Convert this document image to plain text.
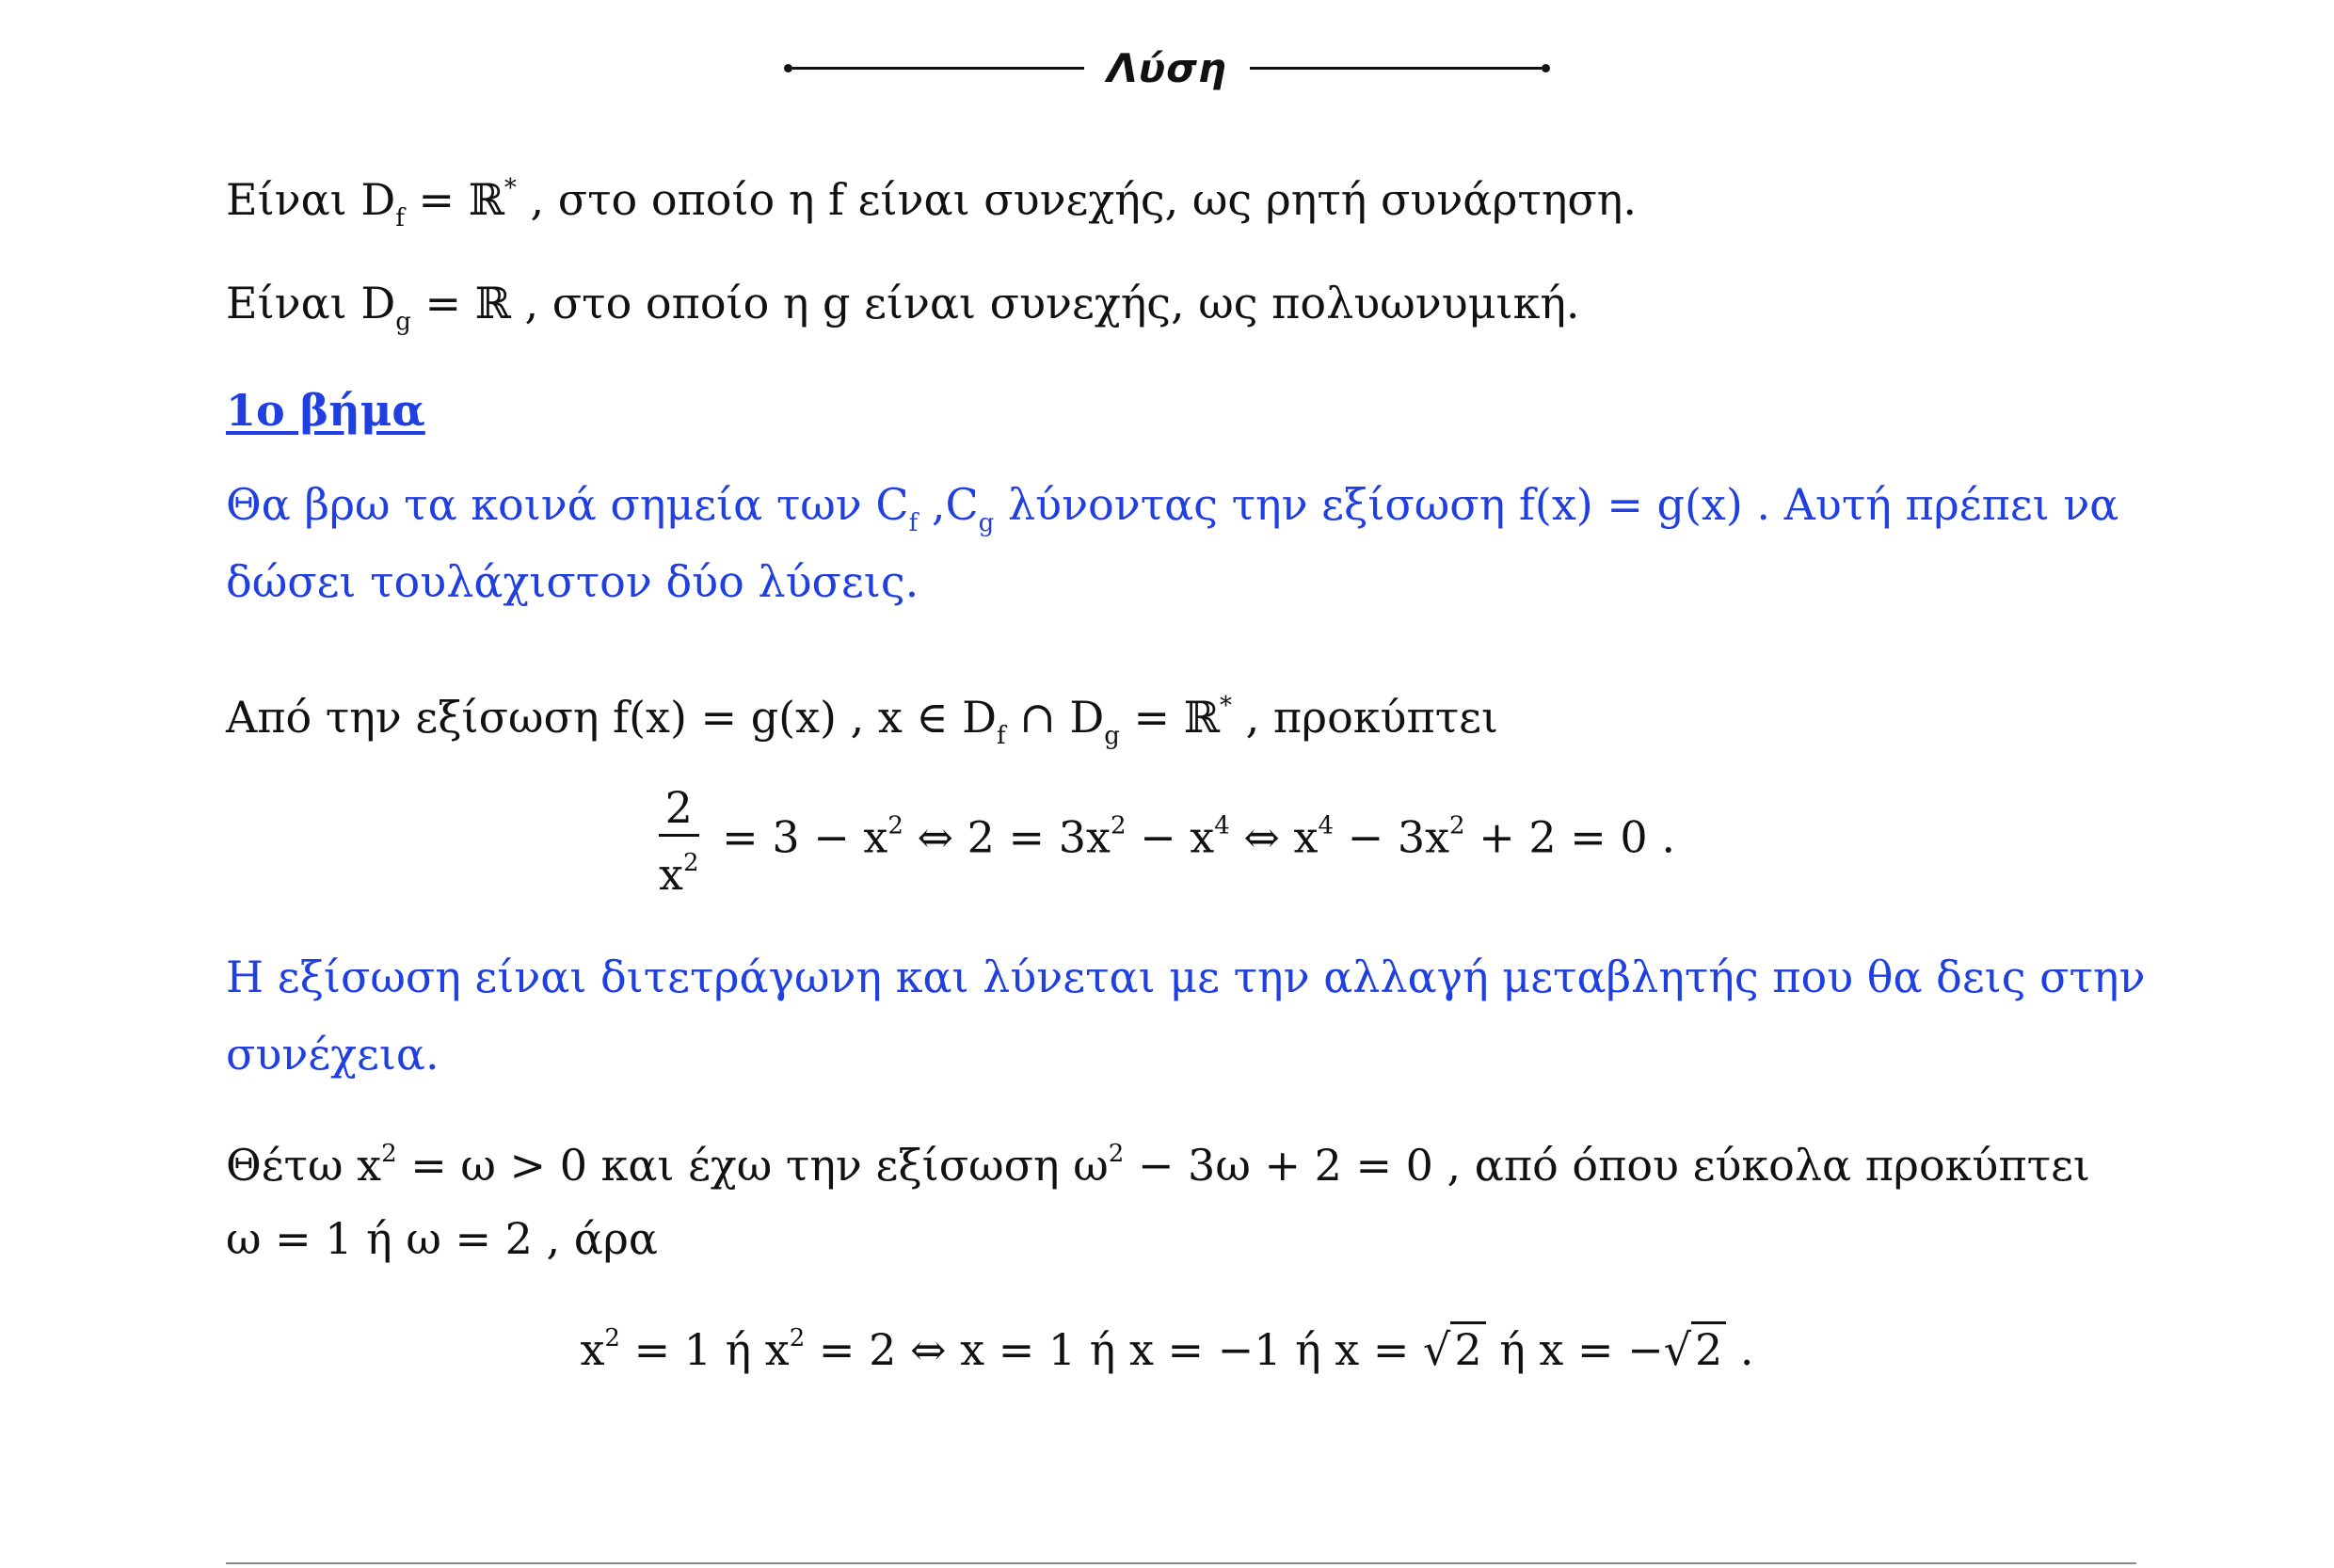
Λύση
Είναι $D_f$ = ℝ* , στο οποίο η f είναι συνεχής, ως ρητή συνάρτηση.
Είναι $D_g$ = ℝ , στο οποίο η g είναι συνεχής, ως πολυωνυμική.
1ο βήμα
Θα βρω τα κοινά σημεία των $C_f$ $,C_g$ λύνοντας την εξίσωση f(x) = g(x) . Αυτή πρέπει να
δώσει τουλάχιστον δύο λύσεις.
Από την εξίσωση f(x) = g(x) , x ∈ $D_f$ ∩ $D_g$ = ℝ* , προκύπτει
$\frac{2}{x^2} = 3 - x^2$ ⇔ $2 = 3x^2 - x^4$ ⇔ $x^4 - 3x^2 + 2 = 0$ .
Η εξίσωση είναι διτετράγωνη και λύνεται με την αλλαγή μεταβλητής που θα δεις στην
συνέχεια.
Θέτω $x^2 = \omega > 0$ και έχω την εξίσωση $\omega^2 - 3\omega + 2 = 0$ , από όπου εύκολα προκύπτει
ω = 1 ή ω = 2 , άρα
$x^2 = 1$ ή $x^2 = 2$ ⇔ x = 1 ή x = −1 ή x = √2 ή x = −√2 .
